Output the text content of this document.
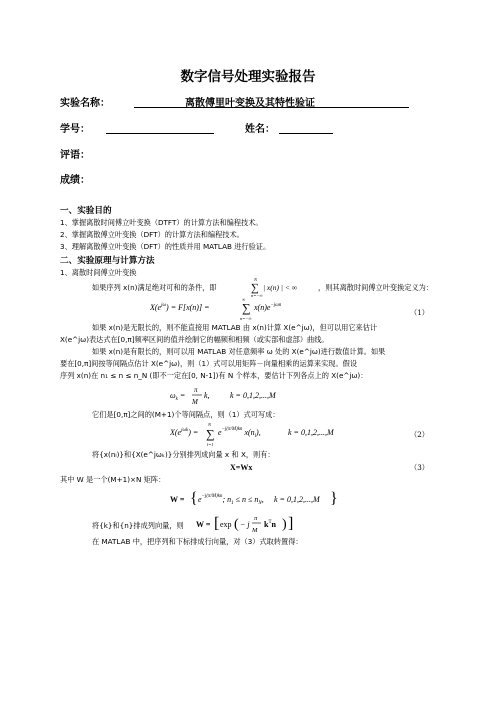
数字信号处理实验报告
实验名称：	离散傅里叶变换及其特性验证
学号：	姓名：
评语：
成绩：
一、实验目的
1、掌握离散时间傅立叶变换（DTFT）的计算方法和编程技术。
2、掌握离散傅立叶变换（DFT）的计算方法和编程技术。
3、理解离散傅立叶变换（DFT）的性质并用 MATLAB 进行验证。
二、实验原理与计算方法
1、离散时间傅立叶变换
如果序列 x(n)满足绝对可和的条件，即
N
∑
n=−∞
| x(n) | < ∞	，则其离散时间傅立叶变换定义为：
$X(e^{j\omega}) = F[x(n)]$ =	∑
n=−∞
∞
$x(n)e^{-j\omega n}$
（1）
如果 x(n)是无限长的，则不能直接用 MATLAB 由 x(n)计算 X(e^jω)，但可以用它来估计
X(e^jω)表达式在[0,π]频率区间的值并绘制它的幅频和相频（或实部和虚部）曲线。
如果 x(n)是有限长的，则可以用 MATLAB 对任意频率 ω 处的 X(e^jω)进行数值计算。如果
要在[0,π]间按等间隔点估计 X(e^jω)，则（1）式可以用矩阵－向量相乘的运算来实现。假设
序列 x(n)在 n₁ ≤ n ≤ n_N (即不一定在[0, N-1])有 N 个样本，要估计下列各点上的 X(e^jω)：
$\omega_k$ =
π
M
k,	k = 0,1,2,...,M
它们是[0,π]之间的(M+1)个等间隔点，则（1）式可写成：
$X(e^{j\omega k})$ = ∑
N
l=1
$e^{-j(\pi/M)kn}$ $x(n_l)$,	k = 0,1,2,...,M	（2）
将{x(nₗ)}和{X(e^jωₖ)}分别排列成向量 x 和 X，则有：
X=Wx	（3）
其中 W 是一个(M+1)×N 矩阵：
W = { $e^{-j(\pi/M)kn}$; $n_1 \le n \le n_N$, k = 0,1,2,...,M }
将{k}和{n}排成列向量，则 W = [ exp ( − j
π
M
$k^Tn$ ) ]
在 MATLAB 中，把序列和下标排成行向量，对（3）式取转置得：
